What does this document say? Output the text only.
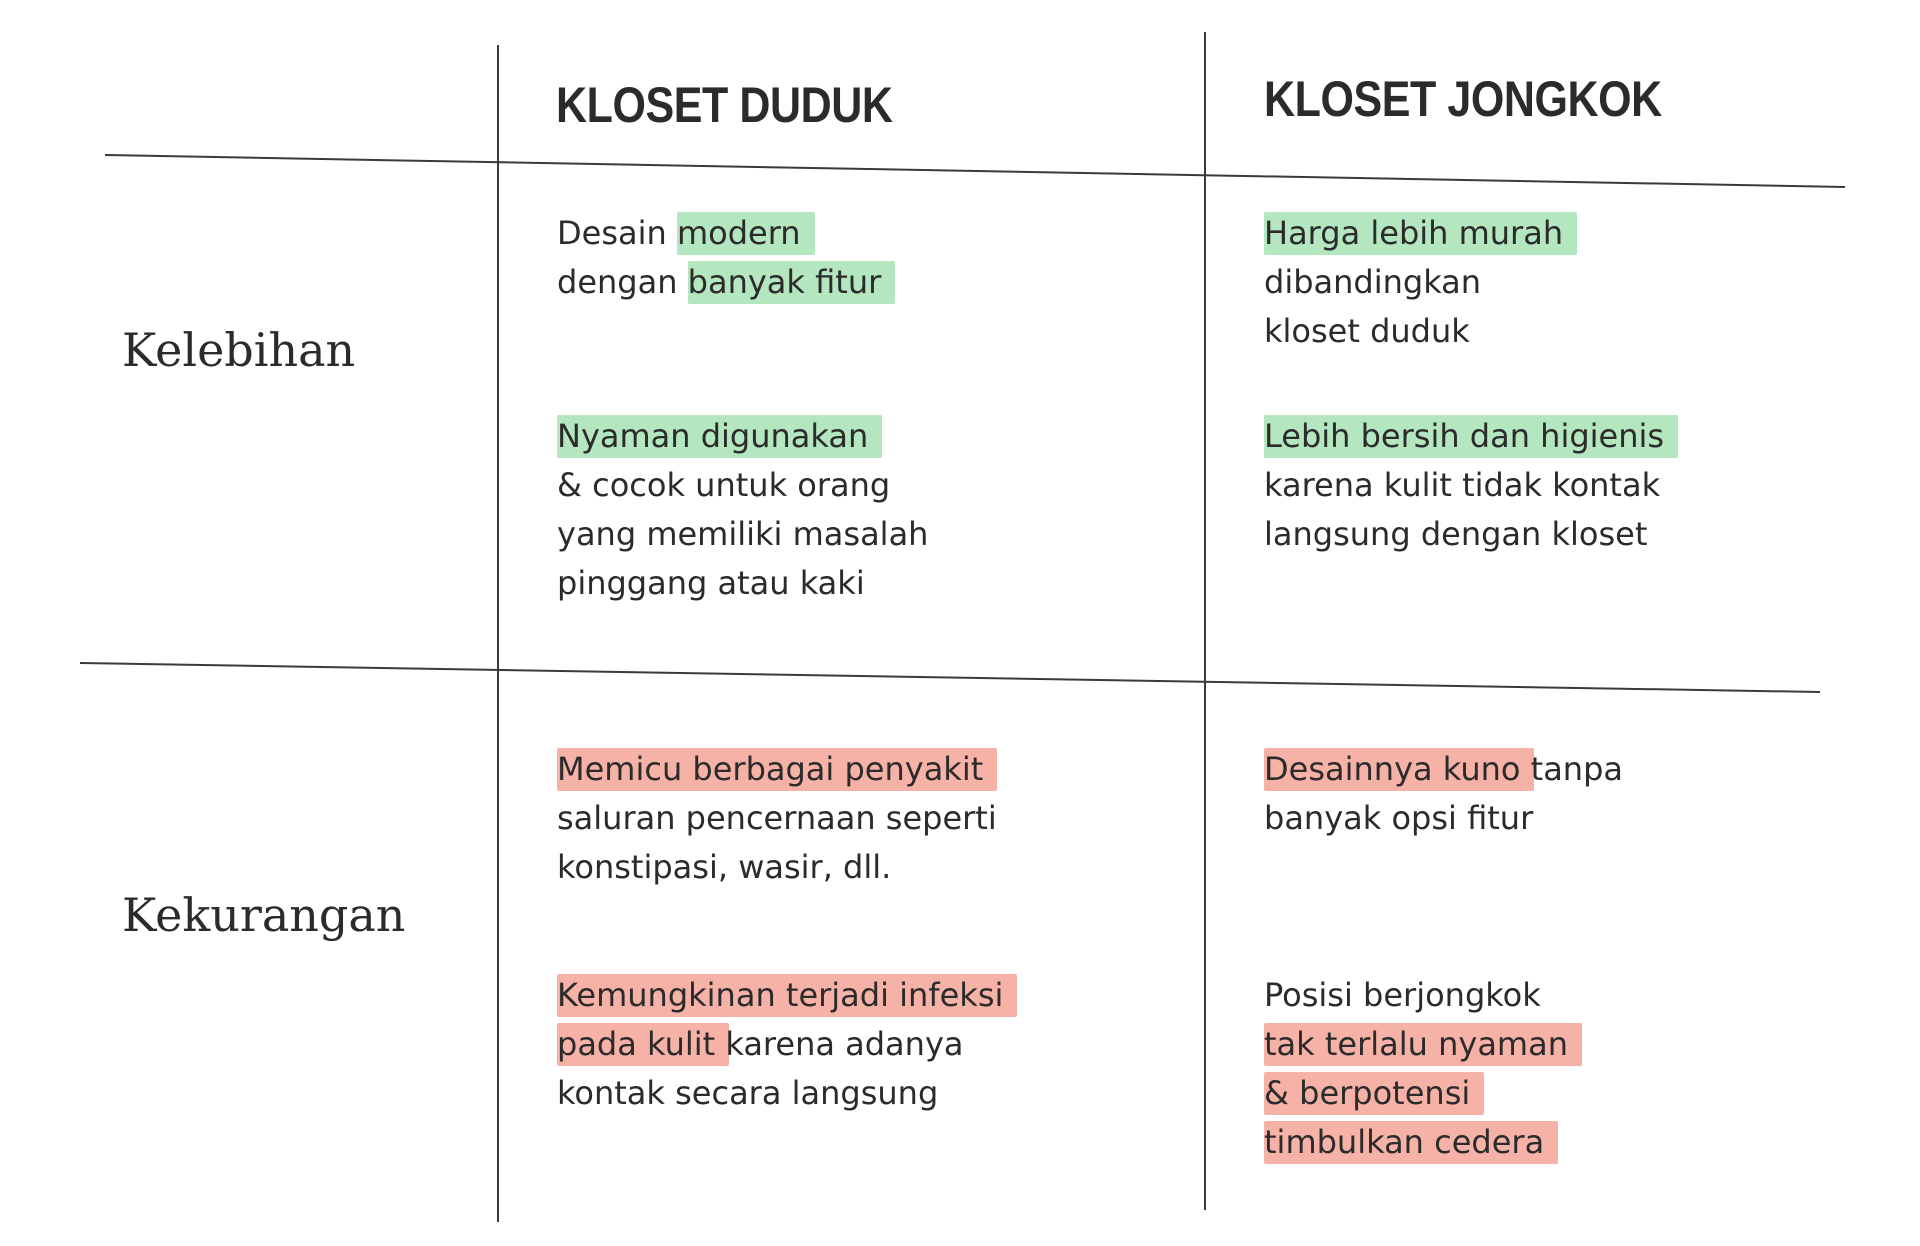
KLOSET DUDUK	KLOSET JONGKOK
Kelebihan
Kekurangan
Desain modern
dengan banyak fitur
Nyaman digunakan
& cocok untuk orang
yang memiliki masalah
pinggang atau kaki
Harga lebih murah
dibandingkan
kloset duduk
Lebih bersih dan higienis
karena kulit tidak kontak
langsung dengan kloset
Memicu berbagai penyakit
saluran pencernaan seperti
konstipasi, wasir, dll.
Kemungkinan terjadi infeksi
pada kulit karena adanya
kontak secara langsung
Desainnya kuno tanpa
banyak opsi fitur
Posisi berjongkok
tak terlalu nyaman
& berpotensi
timbulkan cedera
